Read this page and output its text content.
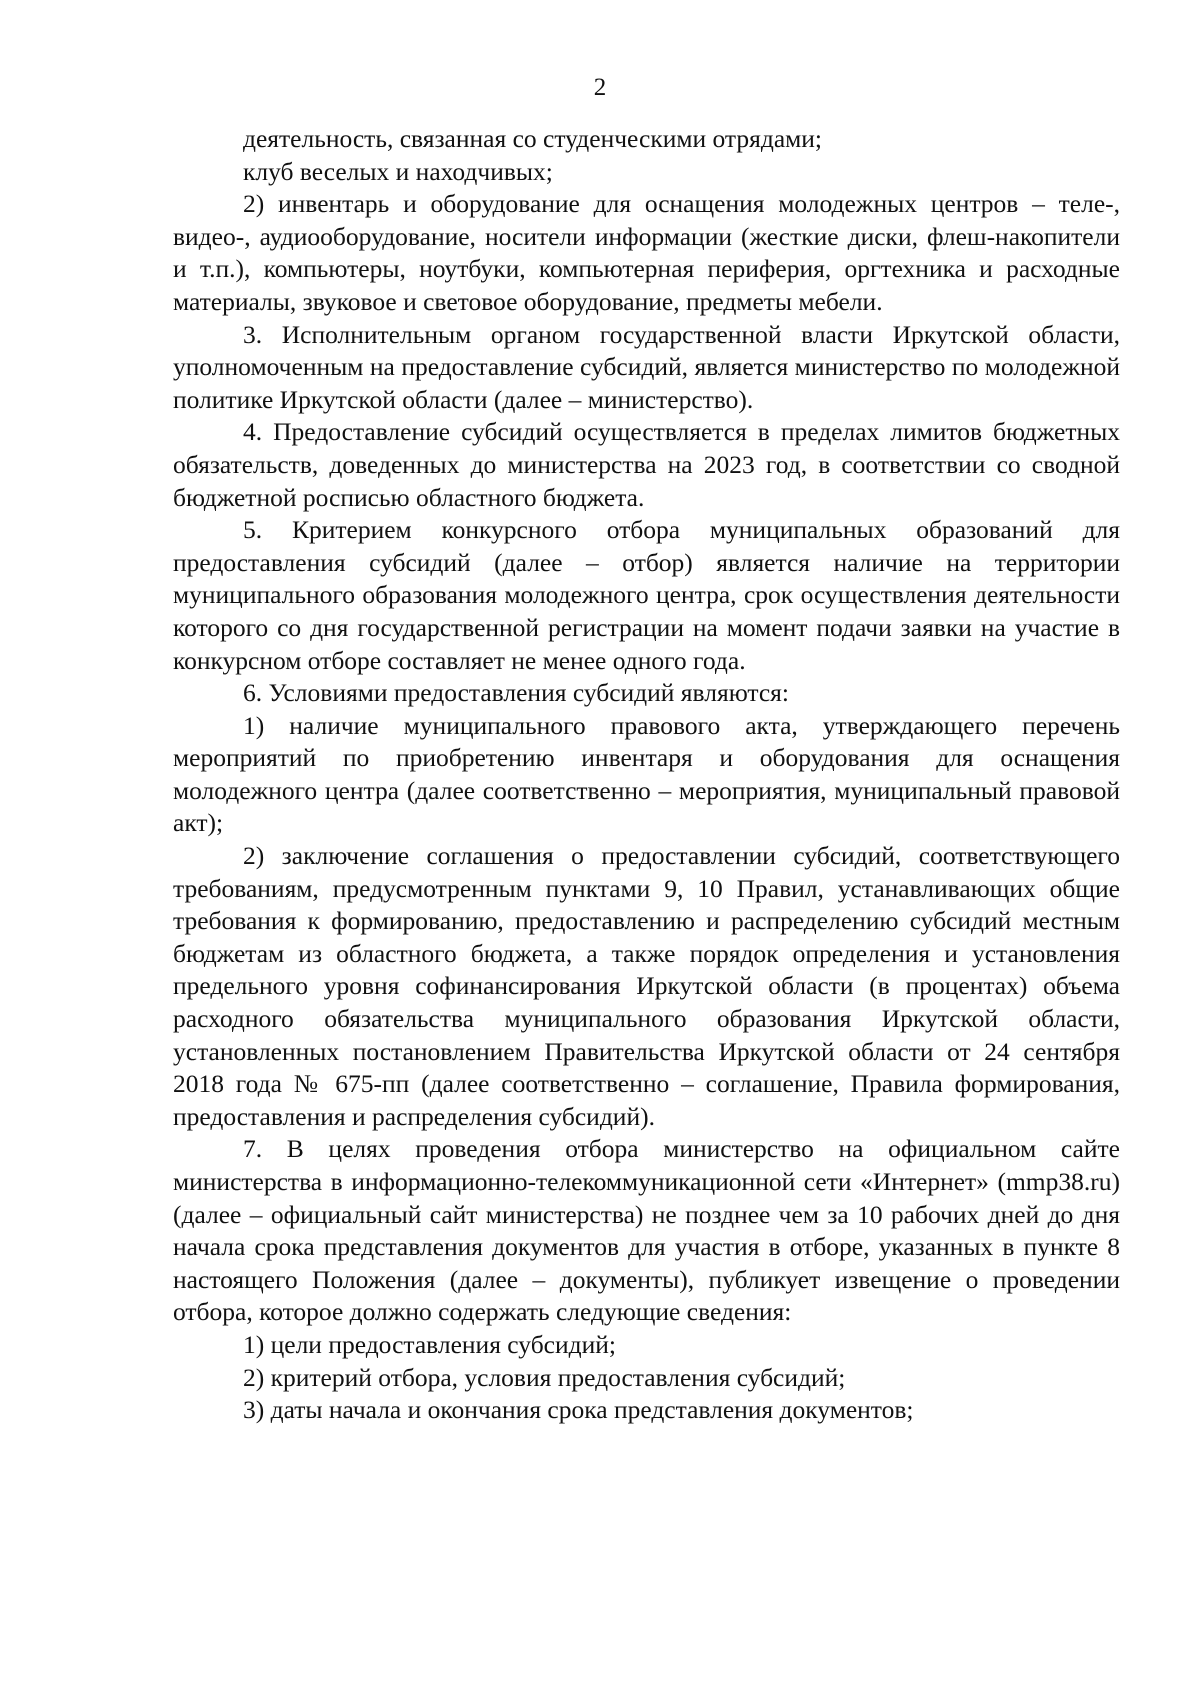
2

деятельность, связанная со студенческими отрядами;

клуб веселых и находчивых;

2) инвентарь и оборудование для оснащения молодежных центров – теле-, видео-, аудиооборудование, носители информации (жесткие диски, флеш-накопители и т.п.), компьютеры, ноутбуки, компьютерная периферия, оргтехника и расходные материалы, звуковое и световое оборудование, предметы мебели.

3. Исполнительным органом государственной власти Иркутской области, уполномоченным на предоставление субсидий, является министерство по молодежной политике Иркутской области (далее – министерство).

4. Предоставление субсидий осуществляется в пределах лимитов бюджетных обязательств, доведенных до министерства на 2023 год, в соответствии со сводной бюджетной росписью областного бюджета.

5. Критерием конкурсного отбора муниципальных образований для предоставления субсидий (далее – отбор) является наличие на территории муниципального образования молодежного центра, срок осуществления деятельности которого со дня государственной регистрации на момент подачи заявки на участие в конкурсном отборе составляет не менее одного года.

6. Условиями предоставления субсидий являются:

1) наличие муниципального правового акта, утверждающего перечень мероприятий по приобретению инвентаря и оборудования для оснащения молодежного центра (далее соответственно – мероприятия, муниципальный правовой акт);

2) заключение соглашения о предоставлении субсидий, соответствующего требованиям, предусмотренным пунктами 9, 10 Правил, устанавливающих общие требования к формированию, предоставлению и распределению субсидий местным бюджетам из областного бюджета, а также порядок определения и установления предельного уровня софинансирования Иркутской области (в процентах) объема расходного обязательства муниципального образования Иркутской области, установленных постановлением Правительства Иркутской области от 24 сентября 2018 года № 675-пп (далее соответственно – соглашение, Правила формирования, предоставления и распределения субсидий).

7. В целях проведения отбора министерство на официальном сайте министерства в информационно-телекоммуникационной сети «Интернет» (mmp38.ru) (далее – официальный сайт министерства) не позднее чем за 10 рабочих дней до дня начала срока представления документов для участия в отборе, указанных в пункте 8 настоящего Положения (далее – документы), публикует извещение о проведении отбора, которое должно содержать следующие сведения:

1) цели предоставления субсидий;

2) критерий отбора, условия предоставления субсидий;

3) даты начала и окончания срока представления документов;
